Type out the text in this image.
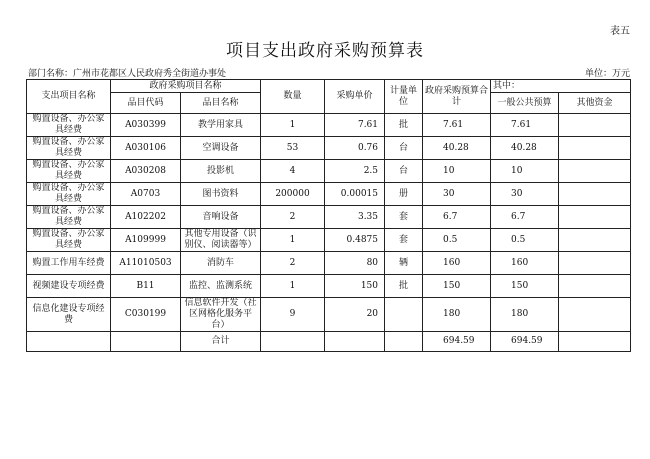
表五
项目支出政府采购预算表
部门名称：广州市花都区人民政府秀全街道办事处	单位：万元
支出项目名称	政府采购项目名称		数量	采购单价	计量单位	政府采购预算合计	其中：	
	品目代码	品目名称					一般公共预算	其他资金
购置设备、办公家具经费	A030399	教学用家具	1	7.61	批	7.61	7.61	
购置设备、办公家具经费	A030106	空调设备	53	0.76	台	40.28	40.28	
购置设备、办公家具经费	A030208	投影机	4	2.5	台	10	10	
购置设备、办公家具经费	A0703	图书资料	200000	0.00015	册	30	30	
购置设备、办公家具经费	A102202	音响设备	2	3.35	套	6.7	6.7	
购置设备、办公家具经费	A109999	其他专用设备（识别仪、阅读器等）	1	0.4875	套	0.5	0.5	
购置工作用车经费	A11010503	消防车	2	80	辆	160	160	
视频建设专项经费	B11	监控、监测系统	1	150	批	150	150	
信息化建设专项经费	C030199	信息软件开发（社区网格化服务平台）	9	20		180	180	
		合计				694.59	694.59	
